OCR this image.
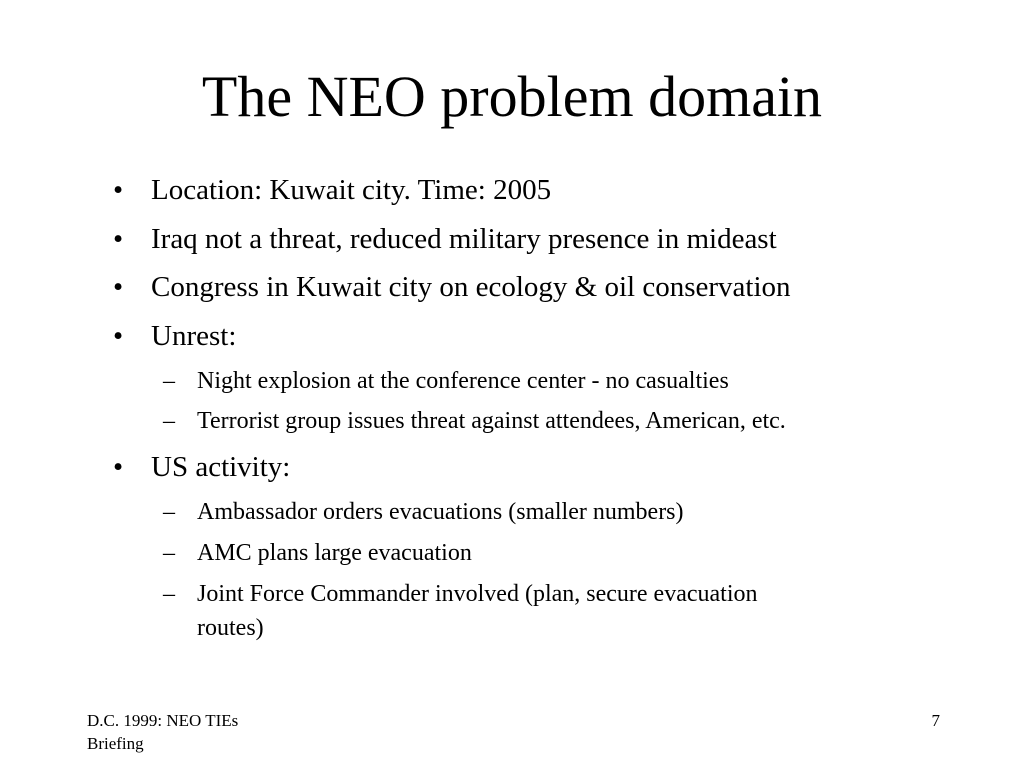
The NEO problem domain
• Location: Kuwait city. Time: 2005
• Iraq not a threat, reduced military presence in mideast
• Congress in Kuwait city on ecology & oil conservation
• Unrest:
– Night explosion at the conference center - no casualties
– Terrorist group issues threat against attendees, American, etc.
• US activity:
– Ambassador orders evacuations (smaller numbers)
– AMC plans large evacuation
– Joint Force Commander involved (plan, secure evacuation
routes)
D.C. 1999: NEO TIEs
Briefing
7
